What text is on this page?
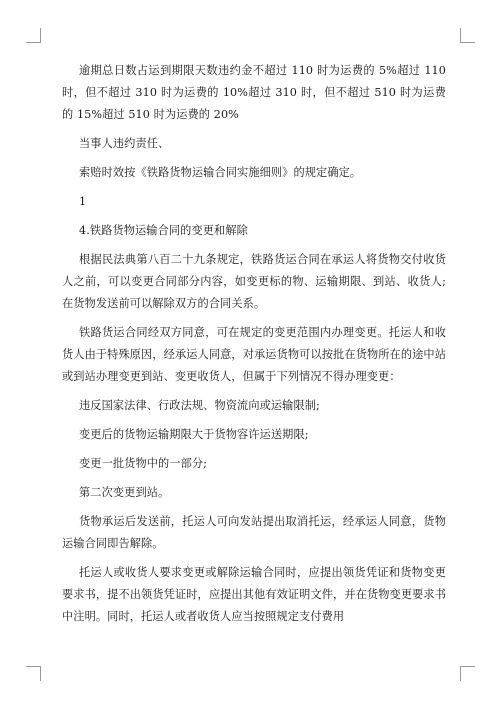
逾期总日数占运到期限天数违约金不超过 110 时为运费的 5%超过 110 时，但不超过 310 时为运费的 10%超过 310 时，但不超过 510 时为运费的 15%超过 510 时为运费的 20%

当事人违约责任、

索赔时效按《铁路货物运输合同实施细则》的规定确定。

1

4.铁路货物运输合同的变更和解除

根据民法典第八百二十九条规定，铁路货运合同在承运人将货物交付收货人之前，可以变更合同部分内容，如变更标的物、运输期限、到站、收货人;在货物发送前可以解除双方的合同关系。

铁路货运合同经双方同意，可在规定的变更范围内办理变更。托运人和收货人由于特殊原因，经承运人同意，对承运货物可以按批在货物所在的途中站或到站办理变更到站、变更收货人，但属于下列情况不得办理变更：

违反国家法律、行政法规、物资流向或运输限制;

变更后的货物运输期限大于货物容许运送期限;

变更一批货物中的一部分;

第二次变更到站。

货物承运后发送前，托运人可向发站提出取消托运，经承运人同意，货物运输合同即告解除。

托运人或收货人要求变更或解除运输合同时，应提出领货凭证和货物变更要求书，提不出领货凭证时，应提出其他有效证明文件，并在货物变更要求书中注明。同时，托运人或者收货人应当按照规定支付费用
